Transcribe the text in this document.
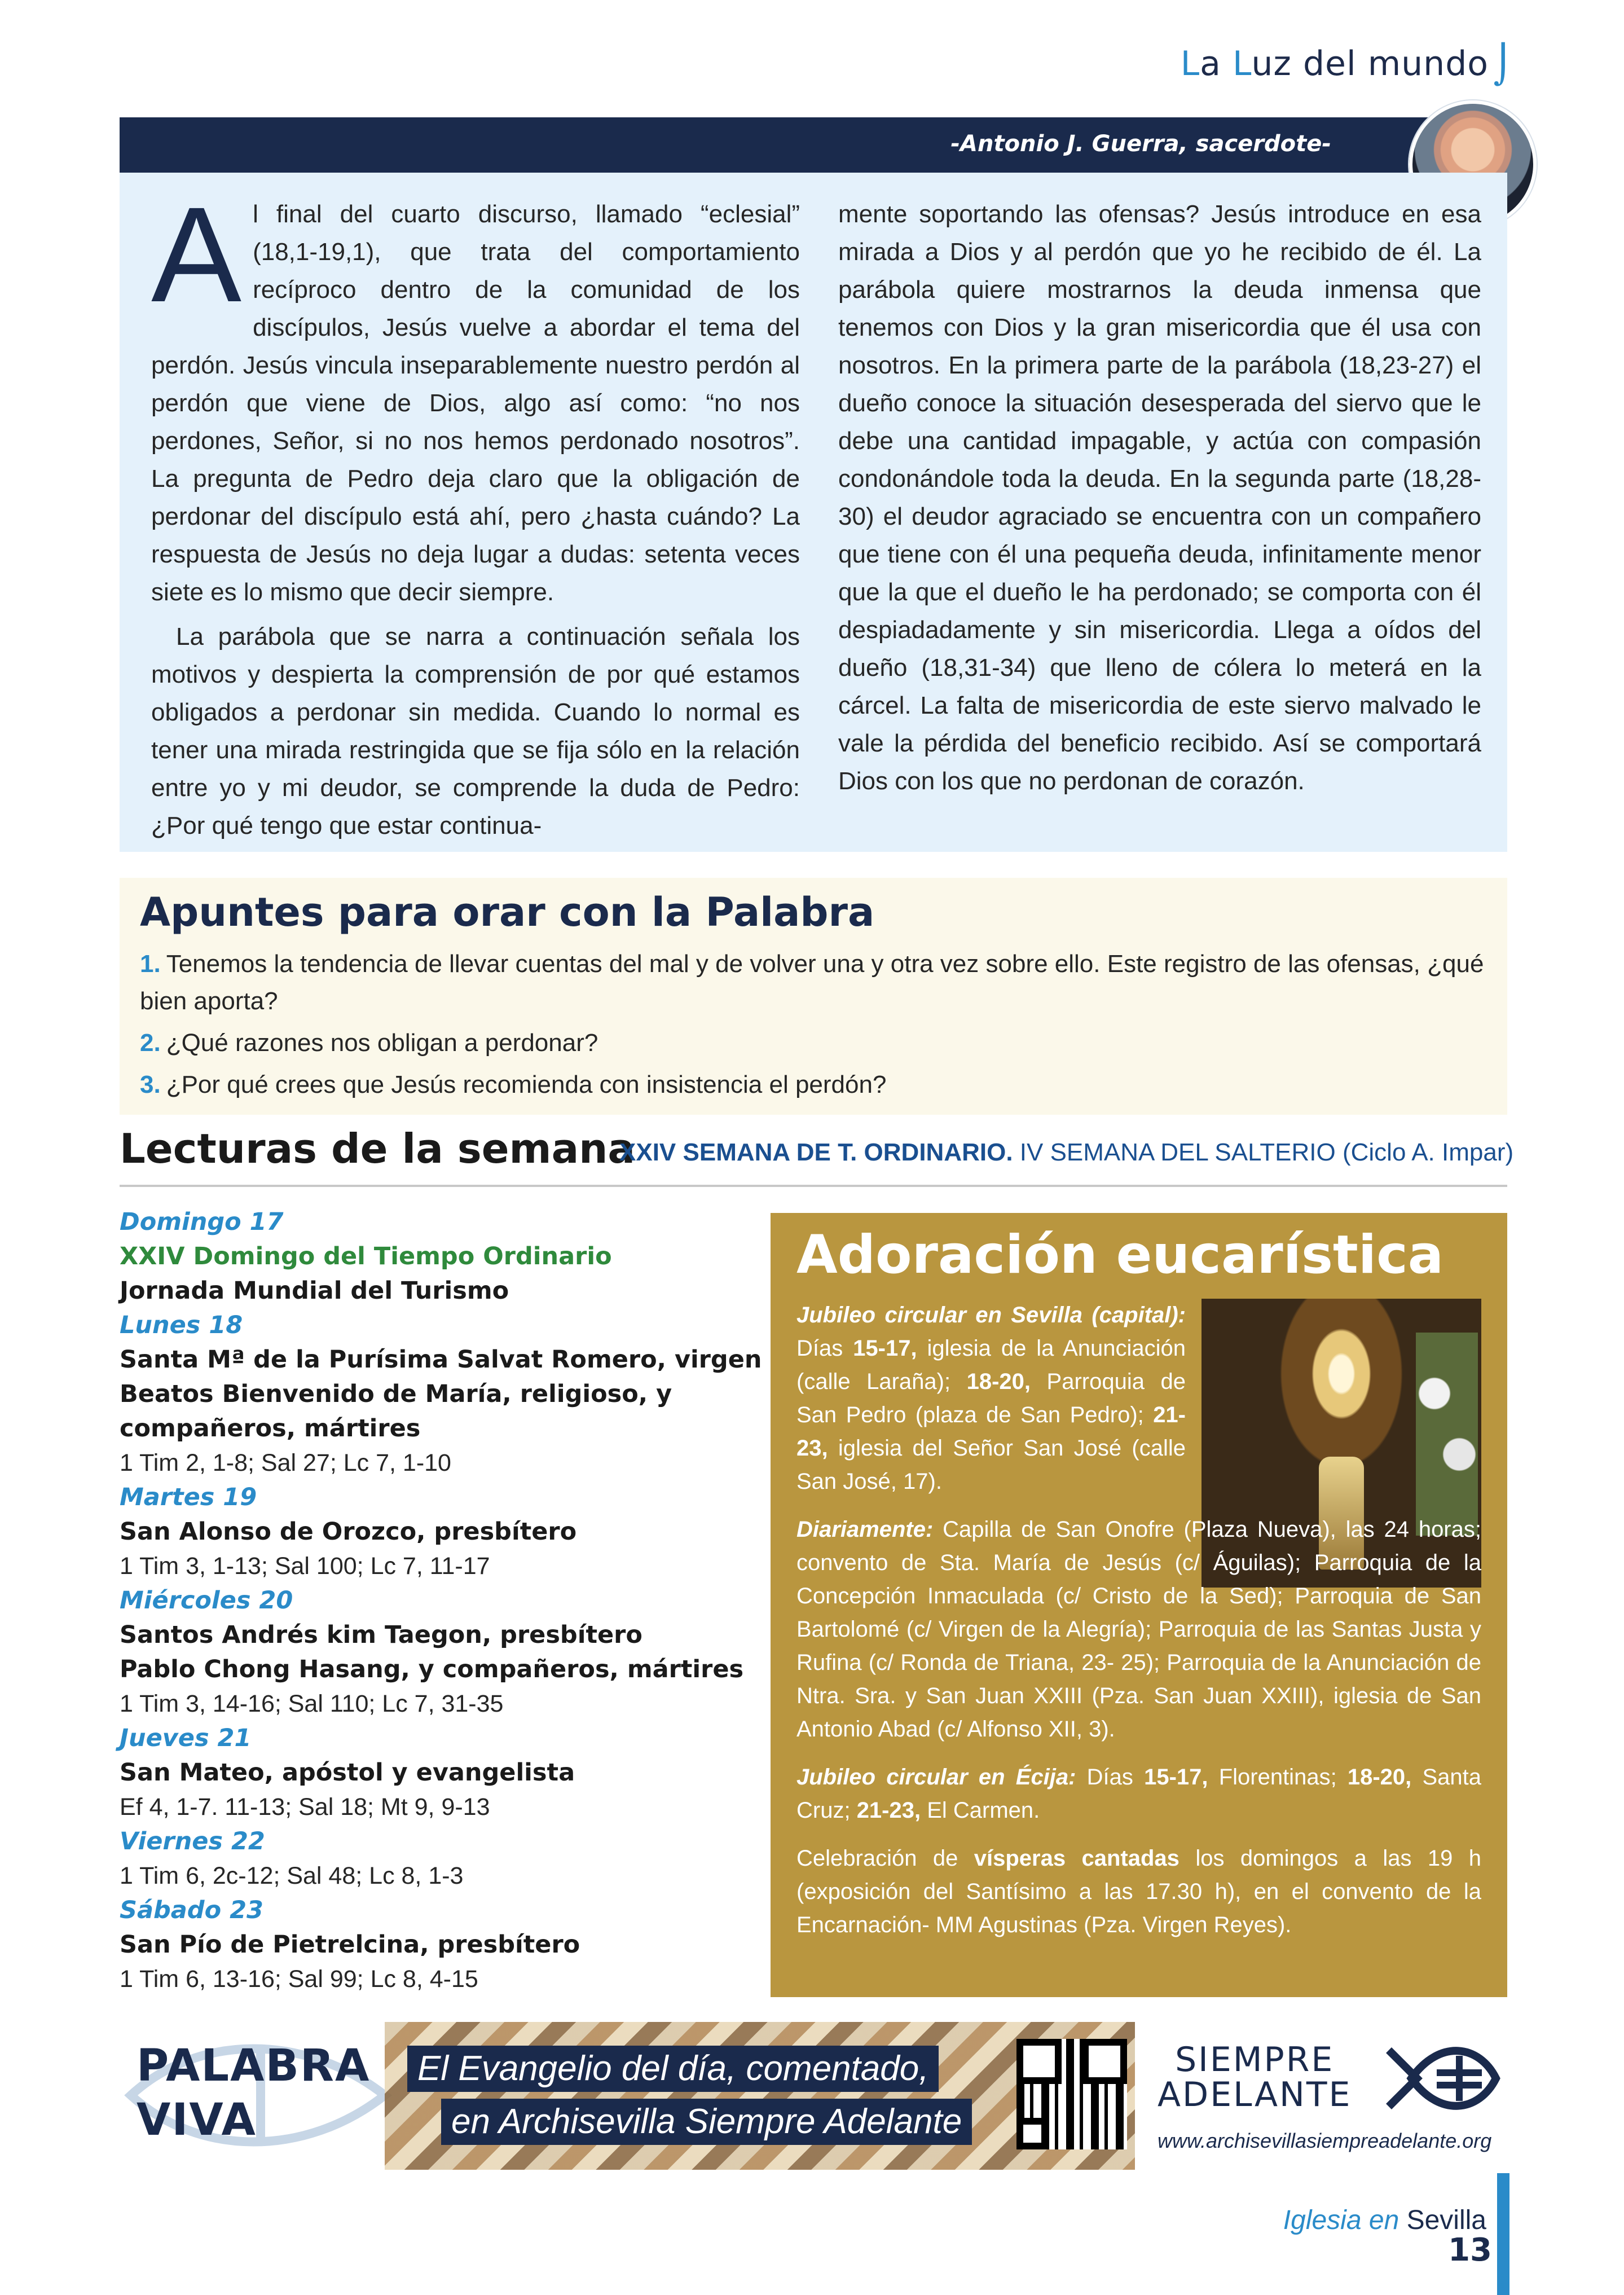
La Luz del mundo ⌡
-Antonio J. Guerra, sacerdote-

Al final del cuarto discurso, llamado “eclesial” (18,1-19,1), que trata del comportamiento recíproco dentro de la comunidad de los discípulos, Jesús vuelve a abordar el tema del perdón. Jesús vincula inseparablemente nuestro perdón al perdón que viene de Dios, algo así como: “no nos perdones, Señor, si no nos hemos perdonado nosotros”. La pregunta de Pedro deja claro que la obligación de perdonar del discípulo está ahí, pero ¿hasta cuándo? La respuesta de Jesús no deja lugar a dudas: setenta veces siete es lo mismo que decir siempre.

La parábola que se narra a continuación señala los motivos y despierta la comprensión de por qué estamos obligados a perdonar sin medida. Cuando lo normal es tener una mirada restringida que se fija sólo en la relación entre yo y mi deudor, se comprende la duda de Pedro: ¿Por qué tengo que estar continua-

mente soportando las ofensas? Jesús introduce en esa mirada a Dios y al perdón que yo he recibido de él. La parábola quiere mostrarnos la deuda inmensa que tenemos con Dios y la gran misericordia que él usa con nosotros. En la primera parte de la parábola (18,23-27) el dueño conoce la situación desesperada del siervo que le debe una cantidad impagable, y actúa con compasión condonándole toda la deuda. En la segunda parte (18,28-30) el deudor agraciado se encuentra con un compañero que tiene con él una pequeña deuda, infinitamente menor que la que el dueño le ha perdonado; se comporta con él despiadadamente y sin misericordia. Llega a oídos del dueño (18,31-34) que lleno de cólera lo meterá en la cárcel. La falta de misericordia de este siervo malvado le vale la pérdida del beneficio recibido. Así se comportará Dios con los que no perdonan de corazón.

Apuntes para orar con la Palabra
1. Tenemos la tendencia de llevar cuentas del mal y de volver una y otra vez sobre ello. Este registro de las ofensas, ¿qué bien aporta?
2. ¿Qué razones nos obligan a perdonar?
3. ¿Por qué crees que Jesús recomienda con insistencia el perdón?
Lecturas de la semana
XXIV SEMANA DE T. ORDINARIO. IV SEMANA DEL SALTERIO (Ciclo A. Impar)
Domingo 17
XXIV Domingo del Tiempo Ordinario
Jornada Mundial del Turismo
Lunes 18
Santa Mª de la Purísima Salvat Romero, virgen
Beatos Bienvenido de María, religioso, y
compañeros, mártires
1 Tim 2, 1-8; Sal 27; Lc 7, 1-10
Martes 19
San Alonso de Orozco, presbítero
1 Tim 3, 1-13; Sal 100; Lc 7, 11-17
Miércoles 20
Santos Andrés kim Taegon, presbítero
Pablo Chong Hasang, y compañeros, mártires
1 Tim 3, 14-16; Sal 110; Lc 7, 31-35
Jueves 21
San Mateo, apóstol y evangelista
Ef 4, 1-7. 11-13; Sal 18; Mt 9, 9-13
Viernes 22
1 Tim 6, 2c-12; Sal 48; Lc 8, 1-3
Sábado 23
San Pío de Pietrelcina, presbítero
1 Tim 6, 13-16; Sal 99; Lc 8, 4-15
Adoración eucarística

Jubileo circular en Sevilla (capital): Días 15-17, iglesia de la Anunciación (calle Laraña); 18-20, Parroquia de San Pedro (plaza de San Pedro); 21-23, iglesia del Señor San José (calle San José, 17).

Diariamente: Capilla de San Onofre (Plaza Nueva), las 24 horas; convento de Sta. María de Jesús (c/ Águilas); Parroquia de la Concepción Inmaculada (c/ Cristo de la Sed); Parroquia de San Bartolomé (c/ Virgen de la Alegría); Parroquia de las Santas Justa y Rufina (c/ Ronda de Triana, 23- 25); Parroquia de la Anunciación de Ntra. Sra. y San Juan XXIII (Pza. San Juan XXIII), iglesia de San Antonio Abad (c/ Alfonso XII, 3).

Jubileo circular en Écija: Días 15-17, Florentinas; 18-20, Santa Cruz; 21-23, El Carmen.

Celebración de vísperas cantadas los domingos a las 19 h (exposición del Santísimo a las 17.30 h), en el convento de la Encarnación- MM Agustinas (Pza. Virgen Reyes).

PALABRA
VIVA
El Evangelio del día, comentado,
en Archisevilla Siempre Adelante
SIEMPRE
ADELANTE
www.archisevillasiempreadelante.org
Iglesia en Sevilla
13
